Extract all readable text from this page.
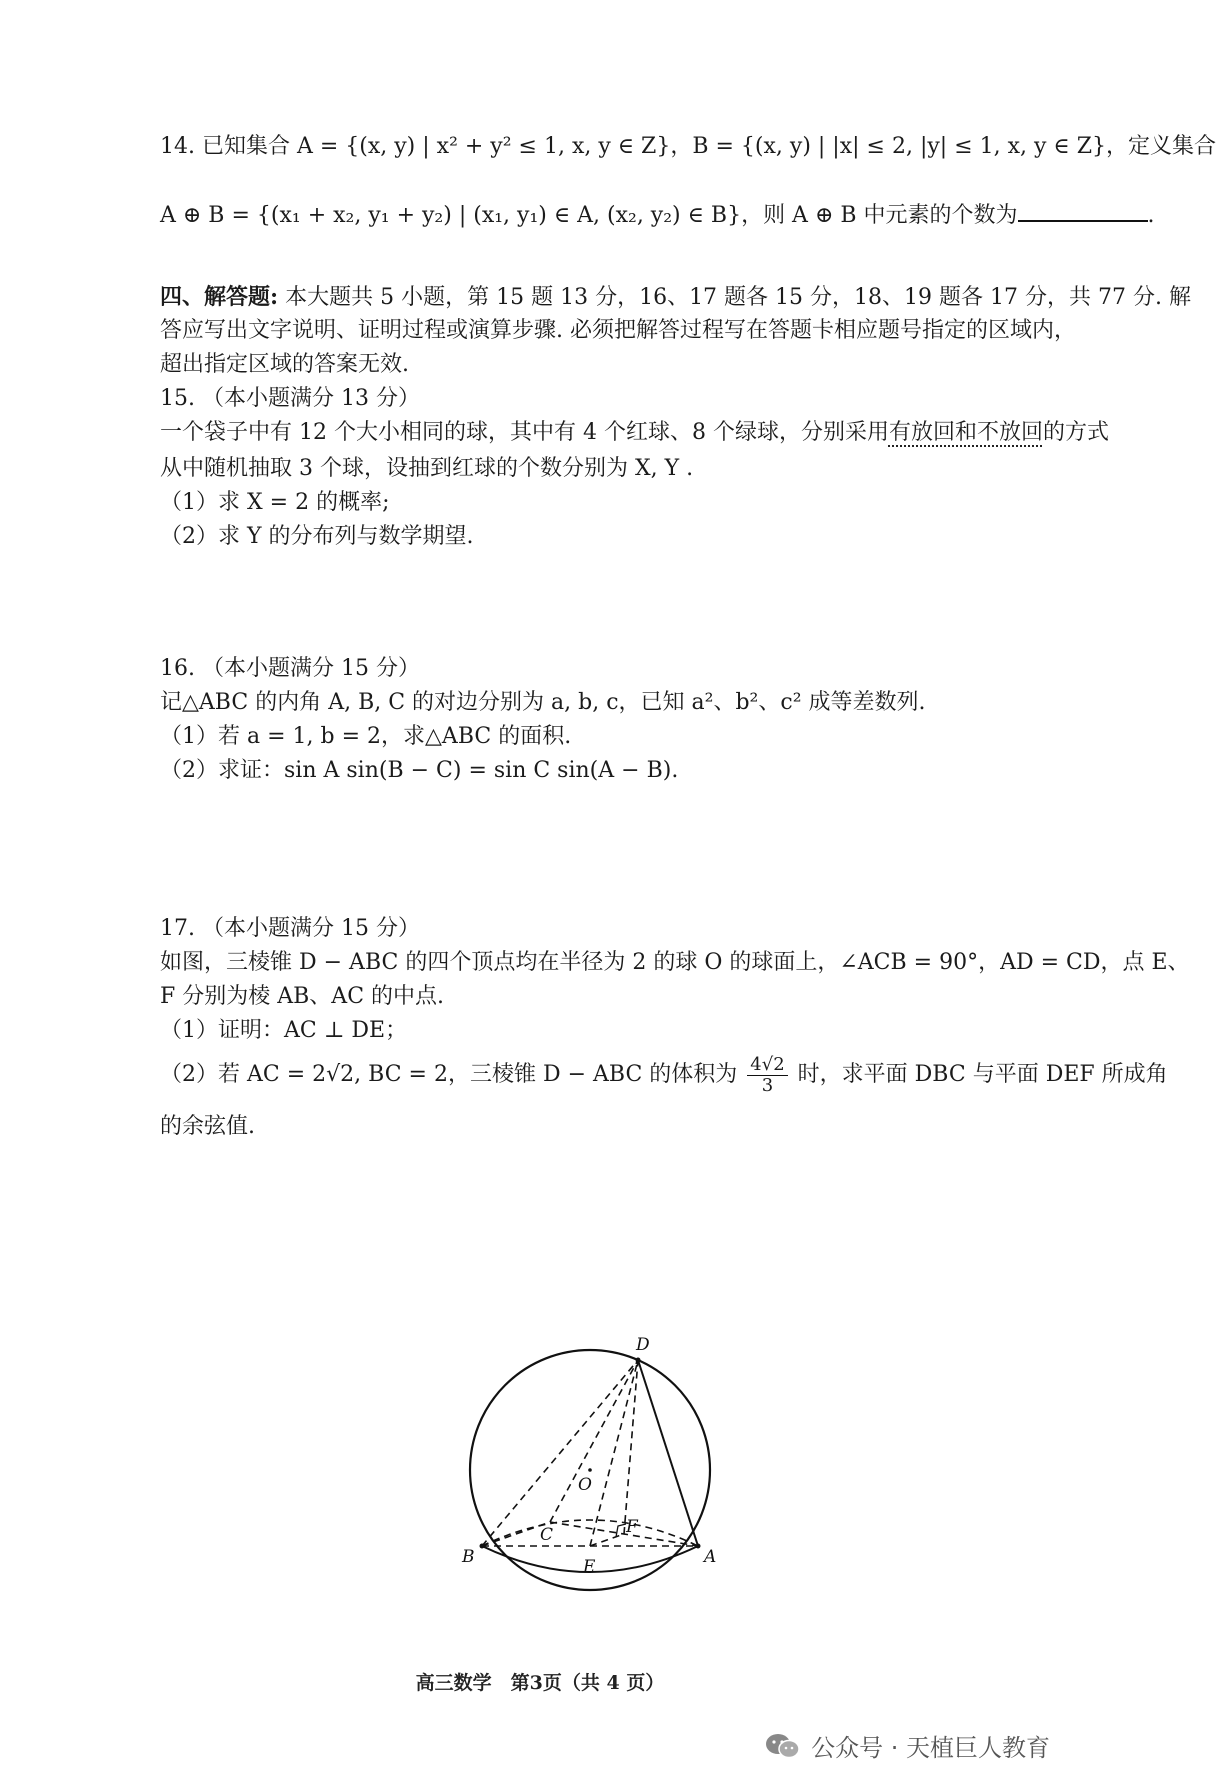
14. 已知集合 A = {(x, y) | x² + y² ≤ 1, x, y ∈ Z}，B = {(x, y) | |x| ≤ 2, |y| ≤ 1, x, y ∈ Z}，定义集合
A ⊕ B = {(x₁ + x₂, y₁ + y₂) | (x₁, y₁) ∈ A, (x₂, y₂) ∈ B}，则 A ⊕ B 中元素的个数为	.
四、解答题: 本大题共 5 小题，第 15 题 13 分，16、17 题各 15 分，18、19 题各 17 分，共 77 分. 解
答应写出文字说明、证明过程或演算步骤. 必须把解答过程写在答题卡相应题号指定的区域内，
超出指定区域的答案无效.
15. （本小题满分 13 分）
一个袋子中有 12 个大小相同的球，其中有 4 个红球、8 个绿球，分别采用有放回和不放回的方式
从中随机抽取 3 个球，设抽到红球的个数分别为 X, Y .
（1）求 X = 2 的概率;
（2）求 Y 的分布列与数学期望.
16. （本小题满分 15 分）
记△ABC 的内角 A, B, C 的对边分别为 a, b, c，已知 a²、b²、c² 成等差数列.
（1）若 a = 1, b = 2，求△ABC 的面积.
（2）求证：sin A sin(B − C) = sin C sin(A − B).
17. （本小题满分 15 分）
如图，三棱锥 D − ABC 的四个顶点均在半径为 2 的球 O 的球面上，∠ACB = 90°，AD = CD，点 E、
F 分别为棱 AB、AC 的中点.
（1）证明：AC ⊥ DE；
（2）若 AC = 2√2, BC = 2，三棱锥 D − ABC 的体积为 $\frac{4√2}{3}$ 时，求平面 DBC 与平面 DEF 所成角
的余弦值.
D
B	A
C
E
F
O
高三数学　第3页（共 4 页）
公众号 · 天植巨人教育
